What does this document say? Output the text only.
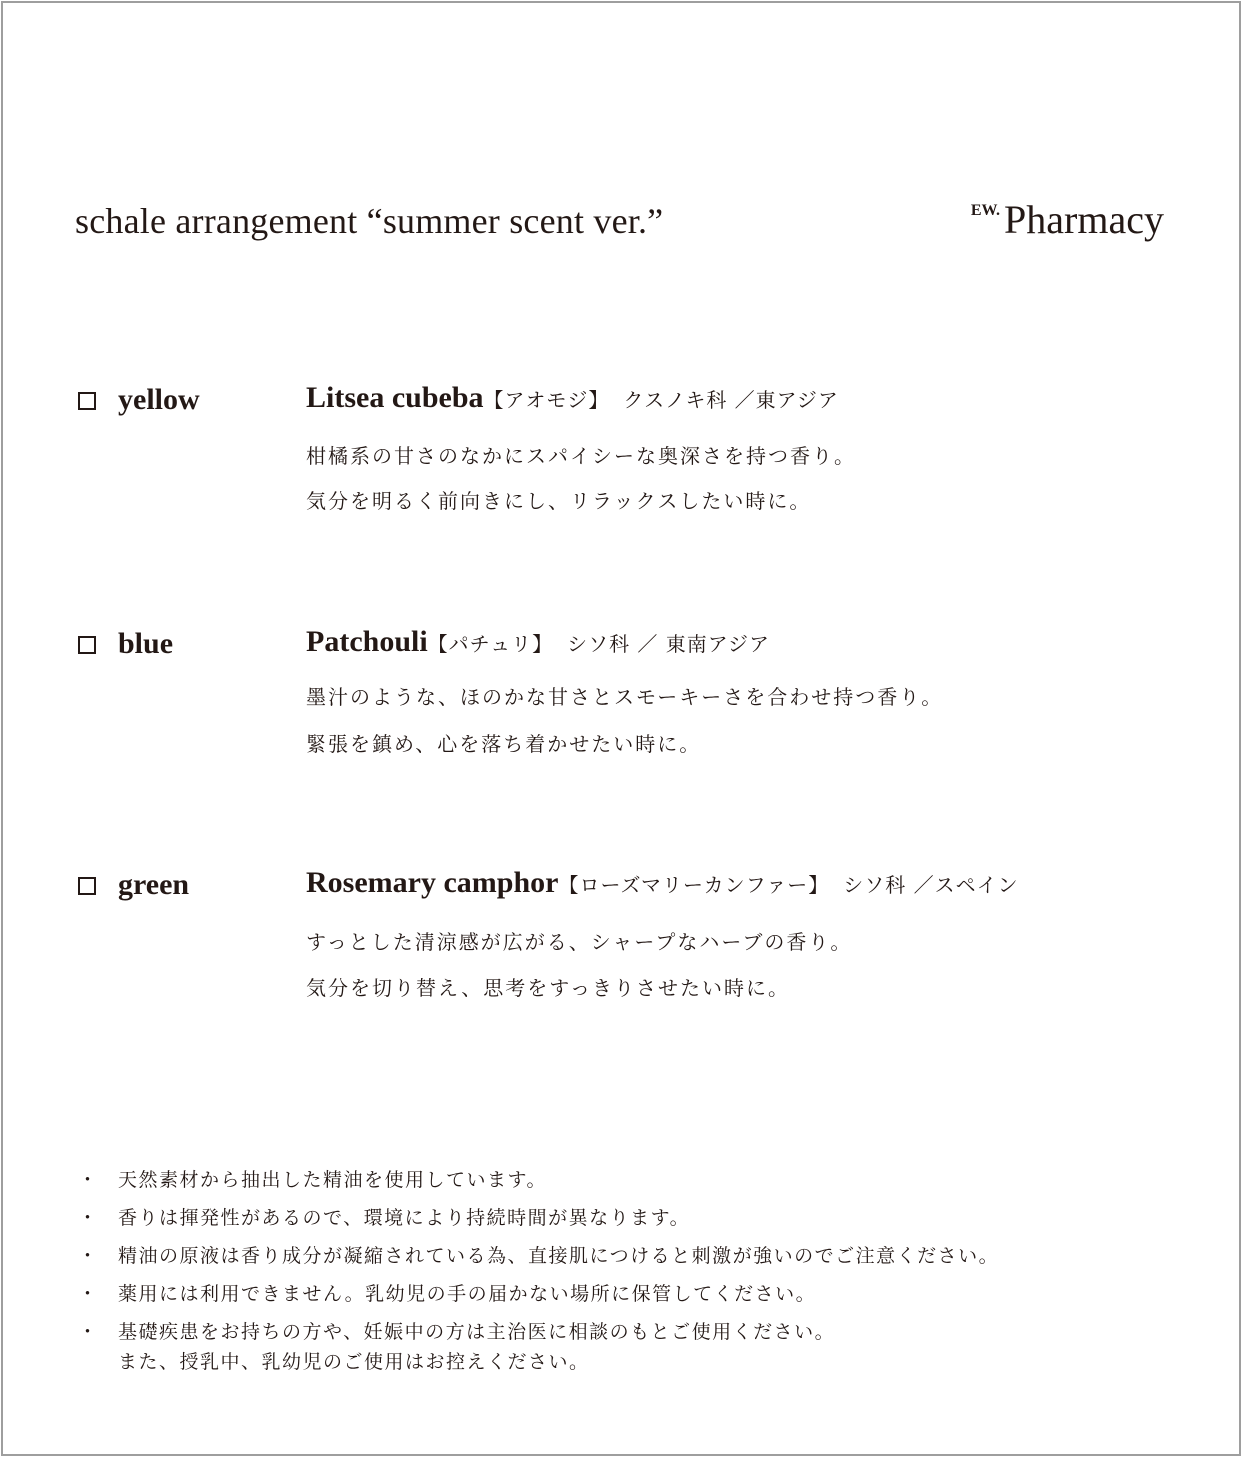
schale arrangement “summer scent ver.”	EW. Pharmacy
yellow	Litsea cubeba【アオモジ】 クスノキ科 ／東アジア
柑橘系の甘さのなかにスパイシーな奥深さを持つ香り。
気分を明るく前向きにし、リラックスしたい時に。
blue	Patchouli【パチュリ】 シソ科 ／ 東南アジア
墨汁のような、ほのかな甘さとスモーキーさを合わせ持つ香り。
緊張を鎮め、心を落ち着かせたい時に。
green	Rosemary camphor【ローズマリーカンファー】 シソ科 ／スペイン
すっとした清涼感が広がる、シャープなハーブの香り。
気分を切り替え、思考をすっきりさせたい時に。
・ 天然素材から抽出した精油を使用しています。
・ 香りは揮発性があるので、環境により持続時間が異なります。
・ 精油の原液は香り成分が凝縮されている為、直接肌につけると刺激が強いのでご注意ください。
・ 薬用には利用できません。乳幼児の手の届かない場所に保管してください。
・ 基礎疾患をお持ちの方や、妊娠中の方は主治医に相談のもとご使用ください。
また、授乳中、乳幼児のご使用はお控えください。
